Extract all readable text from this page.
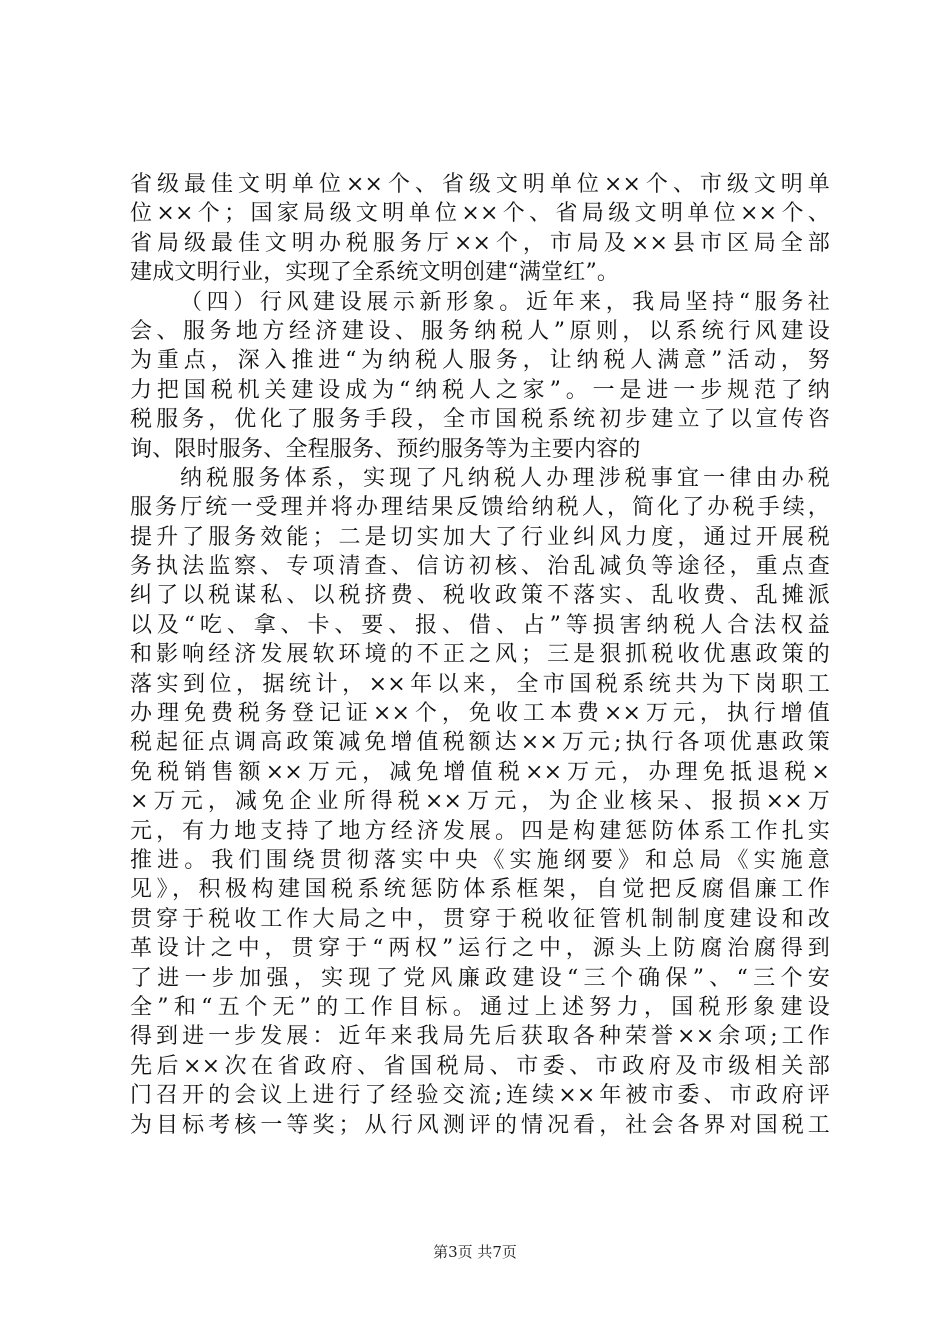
省级最佳文明单位××个、省级文明单位××个、市级文明单
位××个；国家局级文明单位××个、省局级文明单位××个、
省局级最佳文明办税服务厅××个，市局及××县市区局全部
建成文明行业，实现了全系统文明创建“满堂红”。
（四）行风建设展示新形象。近年来，我局坚持“服务社
会、服务地方经济建设、服务纳税人”原则，以系统行风建设
为重点，深入推进“为纳税人服务，让纳税人满意”活动，努
力把国税机关建设成为“纳税人之家”。一是进一步规范了纳
税服务，优化了服务手段，全市国税系统初步建立了以宣传咨
询、限时服务、全程服务、预约服务等为主要内容的
纳税服务体系，实现了凡纳税人办理涉税事宜一律由办税
服务厅统一受理并将办理结果反馈给纳税人，简化了办税手续，
提升了服务效能；二是切实加大了行业纠风力度，通过开展税
务执法监察、专项清查、信访初核、治乱减负等途径，重点查
纠了以税谋私、以税挤费、税收政策不落实、乱收费、乱摊派
以及“吃、拿、卡、要、报、借、占”等损害纳税人合法权益
和影响经济发展软环境的不正之风；三是狠抓税收优惠政策的
落实到位，据统计，××年以来，全市国税系统共为下岗职工
办理免费税务登记证××个，免收工本费××万元，执行增值
税起征点调高政策减免增值税额达××万元;执行各项优惠政策
免税销售额××万元，减免增值税××万元，办理免抵退税×
×万元，减免企业所得税××万元，为企业核呆、报损××万
元，有力地支持了地方经济发展。四是构建惩防体系工作扎实
推进。我们围绕贯彻落实中央《实施纲要》和总局《实施意
见》，积极构建国税系统惩防体系框架，自觉把反腐倡廉工作
贯穿于税收工作大局之中，贯穿于税收征管机制制度建设和改
革设计之中，贯穿于“两权”运行之中，源头上防腐治腐得到
了进一步加强，实现了党风廉政建设“三个确保”、“三个安
全”和“五个无”的工作目标。通过上述努力，国税形象建设
得到进一步发展：近年来我局先后获取各种荣誉××余项;工作
先后××次在省政府、省国税局、市委、市政府及市级相关部
门召开的会议上进行了经验交流;连续××年被市委、市政府评
为目标考核一等奖；从行风测评的情况看，社会各界对国税工
第3页 共7页
